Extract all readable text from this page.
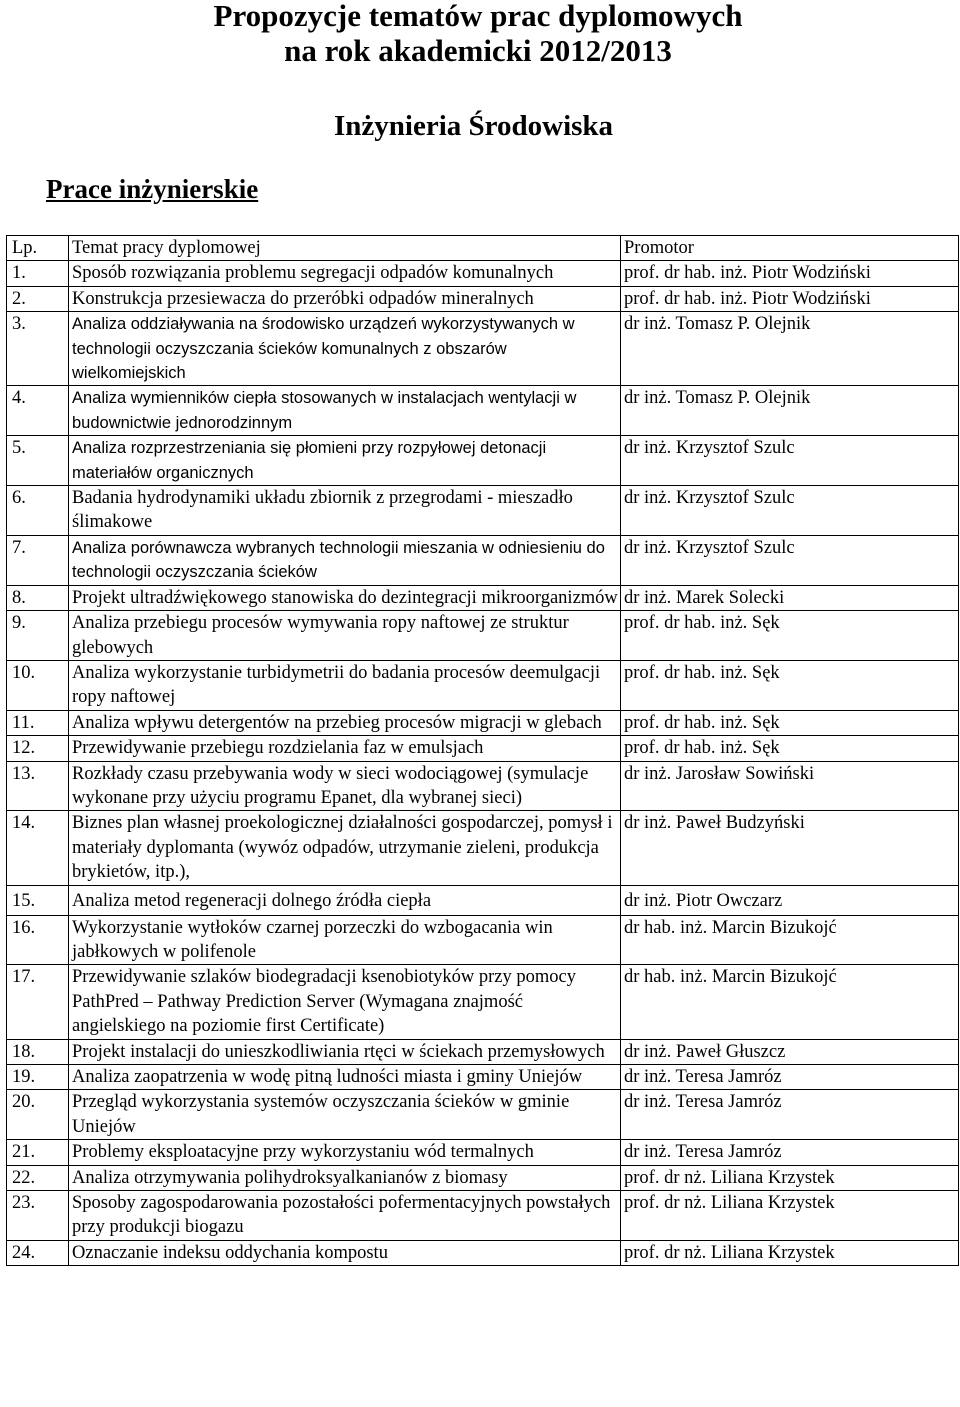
Propozycje tematów prac dyplomowych
na rok akademicki 2012/2013
Inżynieria Środowiska
Prace inżynierskie
Lp.	Temat pracy dyplomowej	Promotor
1.	Sposób rozwiązania problemu segregacji odpadów komunalnych	prof. dr hab. inż. Piotr Wodziński
2.	Konstrukcja przesiewacza do przeróbki odpadów mineralnych	prof. dr hab. inż. Piotr Wodziński
3.	Analiza oddziaływania na środowisko urządzeń wykorzystywanych w technologii oczyszczania ścieków komunalnych z obszarów wielkomiejskich	dr inż. Tomasz P. Olejnik
4.	Analiza wymienników ciepła stosowanych w instalacjach wentylacji w budownictwie jednorodzinnym	dr inż. Tomasz P. Olejnik
5.	Analiza rozprzestrzeniania się płomieni przy rozpyłowej detonacji materiałów organicznych	dr inż. Krzysztof Szulc
6.	Badania hydrodynamiki układu zbiornik z przegrodami - mieszadło ślimakowe	dr inż. Krzysztof Szulc
7.	Analiza porównawcza wybranych technologii mieszania w odniesieniu do technologii oczyszczania ścieków	dr inż. Krzysztof Szulc
8.	Projekt ultradźwiękowego stanowiska do dezintegracji mikroorganizmów	dr inż. Marek Solecki
9.	Analiza przebiegu procesów wymywania ropy naftowej ze struktur glebowych	prof. dr hab. inż. Sęk
10.	Analiza wykorzystanie turbidymetrii do badania procesów deemulgacji ropy naftowej	prof. dr hab. inż. Sęk
11.	Analiza wpływu detergentów na przebieg procesów migracji w glebach	prof. dr hab. inż. Sęk
12.	Przewidywanie przebiegu rozdzielania faz w emulsjach	prof. dr hab. inż. Sęk
13.	Rozkłady czasu przebywania wody w sieci wodociągowej (symulacje wykonane przy użyciu programu Epanet, dla wybranej sieci)	dr inż. Jarosław Sowiński
14.	Biznes plan własnej proekologicznej działalności gospodarczej, pomysł i materiały dyplomanta (wywóz odpadów, utrzymanie zieleni, produkcja brykietów, itp.),	dr inż. Paweł Budzyński
15.	Analiza metod regeneracji dolnego źródła ciepła	dr inż. Piotr Owczarz
16.	Wykorzystanie wytłoków czarnej porzeczki do wzbogacania win jabłkowych w polifenole	dr hab. inż. Marcin Bizukojć
17.	Przewidywanie szlaków biodegradacji ksenobiotyków przy pomocy PathPred – Pathway Prediction Server (Wymagana znajmość angielskiego na poziomie first Certificate)	dr hab. inż. Marcin Bizukojć
18.	Projekt instalacji do unieszkodliwiania rtęci w ściekach przemysłowych	dr inż. Paweł Głuszcz
19.	Analiza zaopatrzenia w wodę pitną ludności miasta i gminy Uniejów	dr inż. Teresa Jamróz
20.	Przegląd wykorzystania systemów oczyszczania ścieków w gminie Uniejów	dr inż. Teresa Jamróz
21.	Problemy eksploatacyjne przy wykorzystaniu wód termalnych	dr inż. Teresa Jamróz
22.	Analiza otrzymywania polihydroksyalkanianów z biomasy	prof. dr nż. Liliana Krzystek
23.	Sposoby zagospodarowania pozostałości pofermentacyjnych powstałych przy produkcji biogazu	prof. dr nż. Liliana Krzystek
24.	Oznaczanie indeksu oddychania kompostu	prof. dr nż. Liliana Krzystek
